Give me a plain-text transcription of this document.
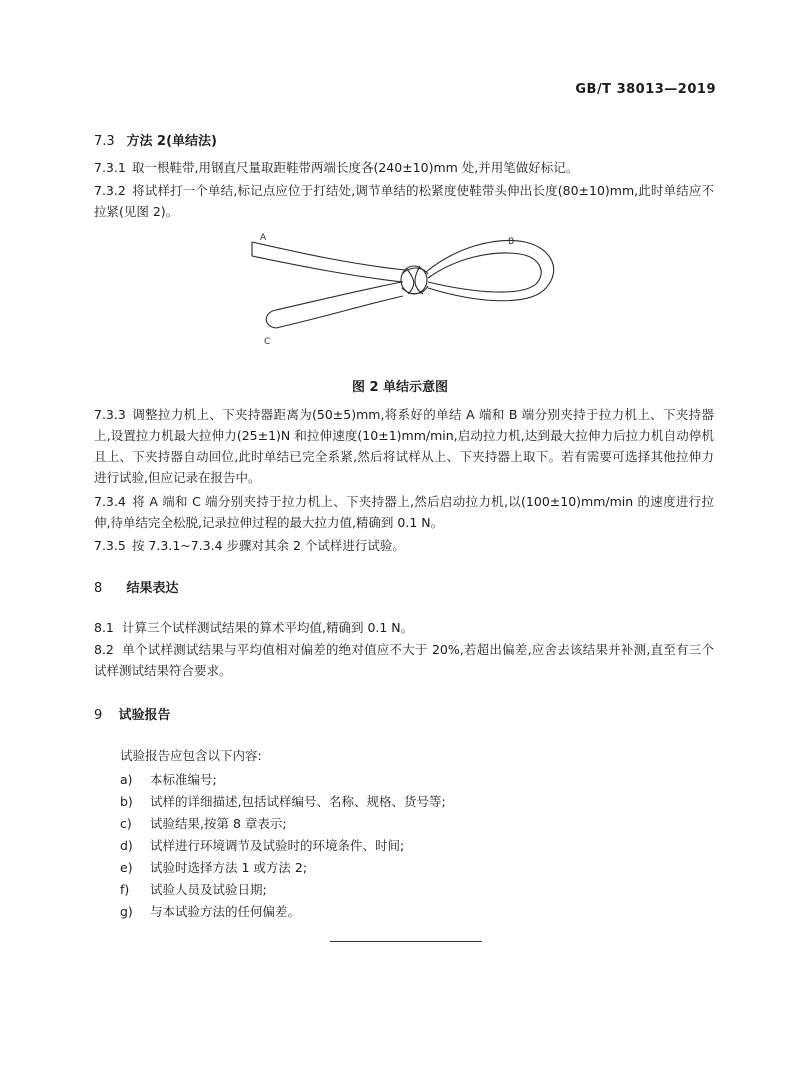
GB/T 38013—2019
7.3 方法 2(单结法)
7.3.1 取一根鞋带,用钢直尺量取距鞋带两端长度各(240±10)mm 处,并用笔做好标记。
7.3.2 将试样打一个单结,标记点应位于打结处,调节单结的松紧度使鞋带头伸出长度(80±10)mm,此时单结应不拉紧(见图 2)。
A	B
C
图 2 单结示意图
7.3.3 调整拉力机上、下夹持器距离为(50±5)mm,将系好的单结 A 端和 B 端分别夹持于拉力机上、下夹持器上,设置拉力机最大拉伸力(25±1)N 和拉伸速度(10±1)mm/min,启动拉力机,达到最大拉伸力后拉力机自动停机且上、下夹持器自动回位,此时单结已完全系紧,然后将试样从上、下夹持器上取下。若有需要可选择其他拉伸力进行试验,但应记录在报告中。
7.3.4 将 A 端和 C 端分别夹持于拉力机上、下夹持器上,然后启动拉力机,以(100±10)mm/min 的速度进行拉伸,待单结完全松脱,记录拉伸过程的最大拉力值,精确到 0.1 N。
7.3.5 按 7.3.1~7.3.4 步骤对其余 2 个试样进行试验。
8 结果表达
8.1 计算三个试样测试结果的算术平均值,精确到 0.1 N。
8.2 单个试样测试结果与平均值相对偏差的绝对值应不大于 20%,若超出偏差,应舍去该结果并补测,直至有三个试样测试结果符合要求。
9 试验报告
试验报告应包含以下内容:
a) 本标准编号;
b) 试样的详细描述,包括试样编号、名称、规格、货号等;
c) 试验结果,按第 8 章表示;
d) 试样进行环境调节及试验时的环境条件、时间;
e) 试验时选择方法 1 或方法 2;
f) 试验人员及试验日期;
g) 与本试验方法的任何偏差。
